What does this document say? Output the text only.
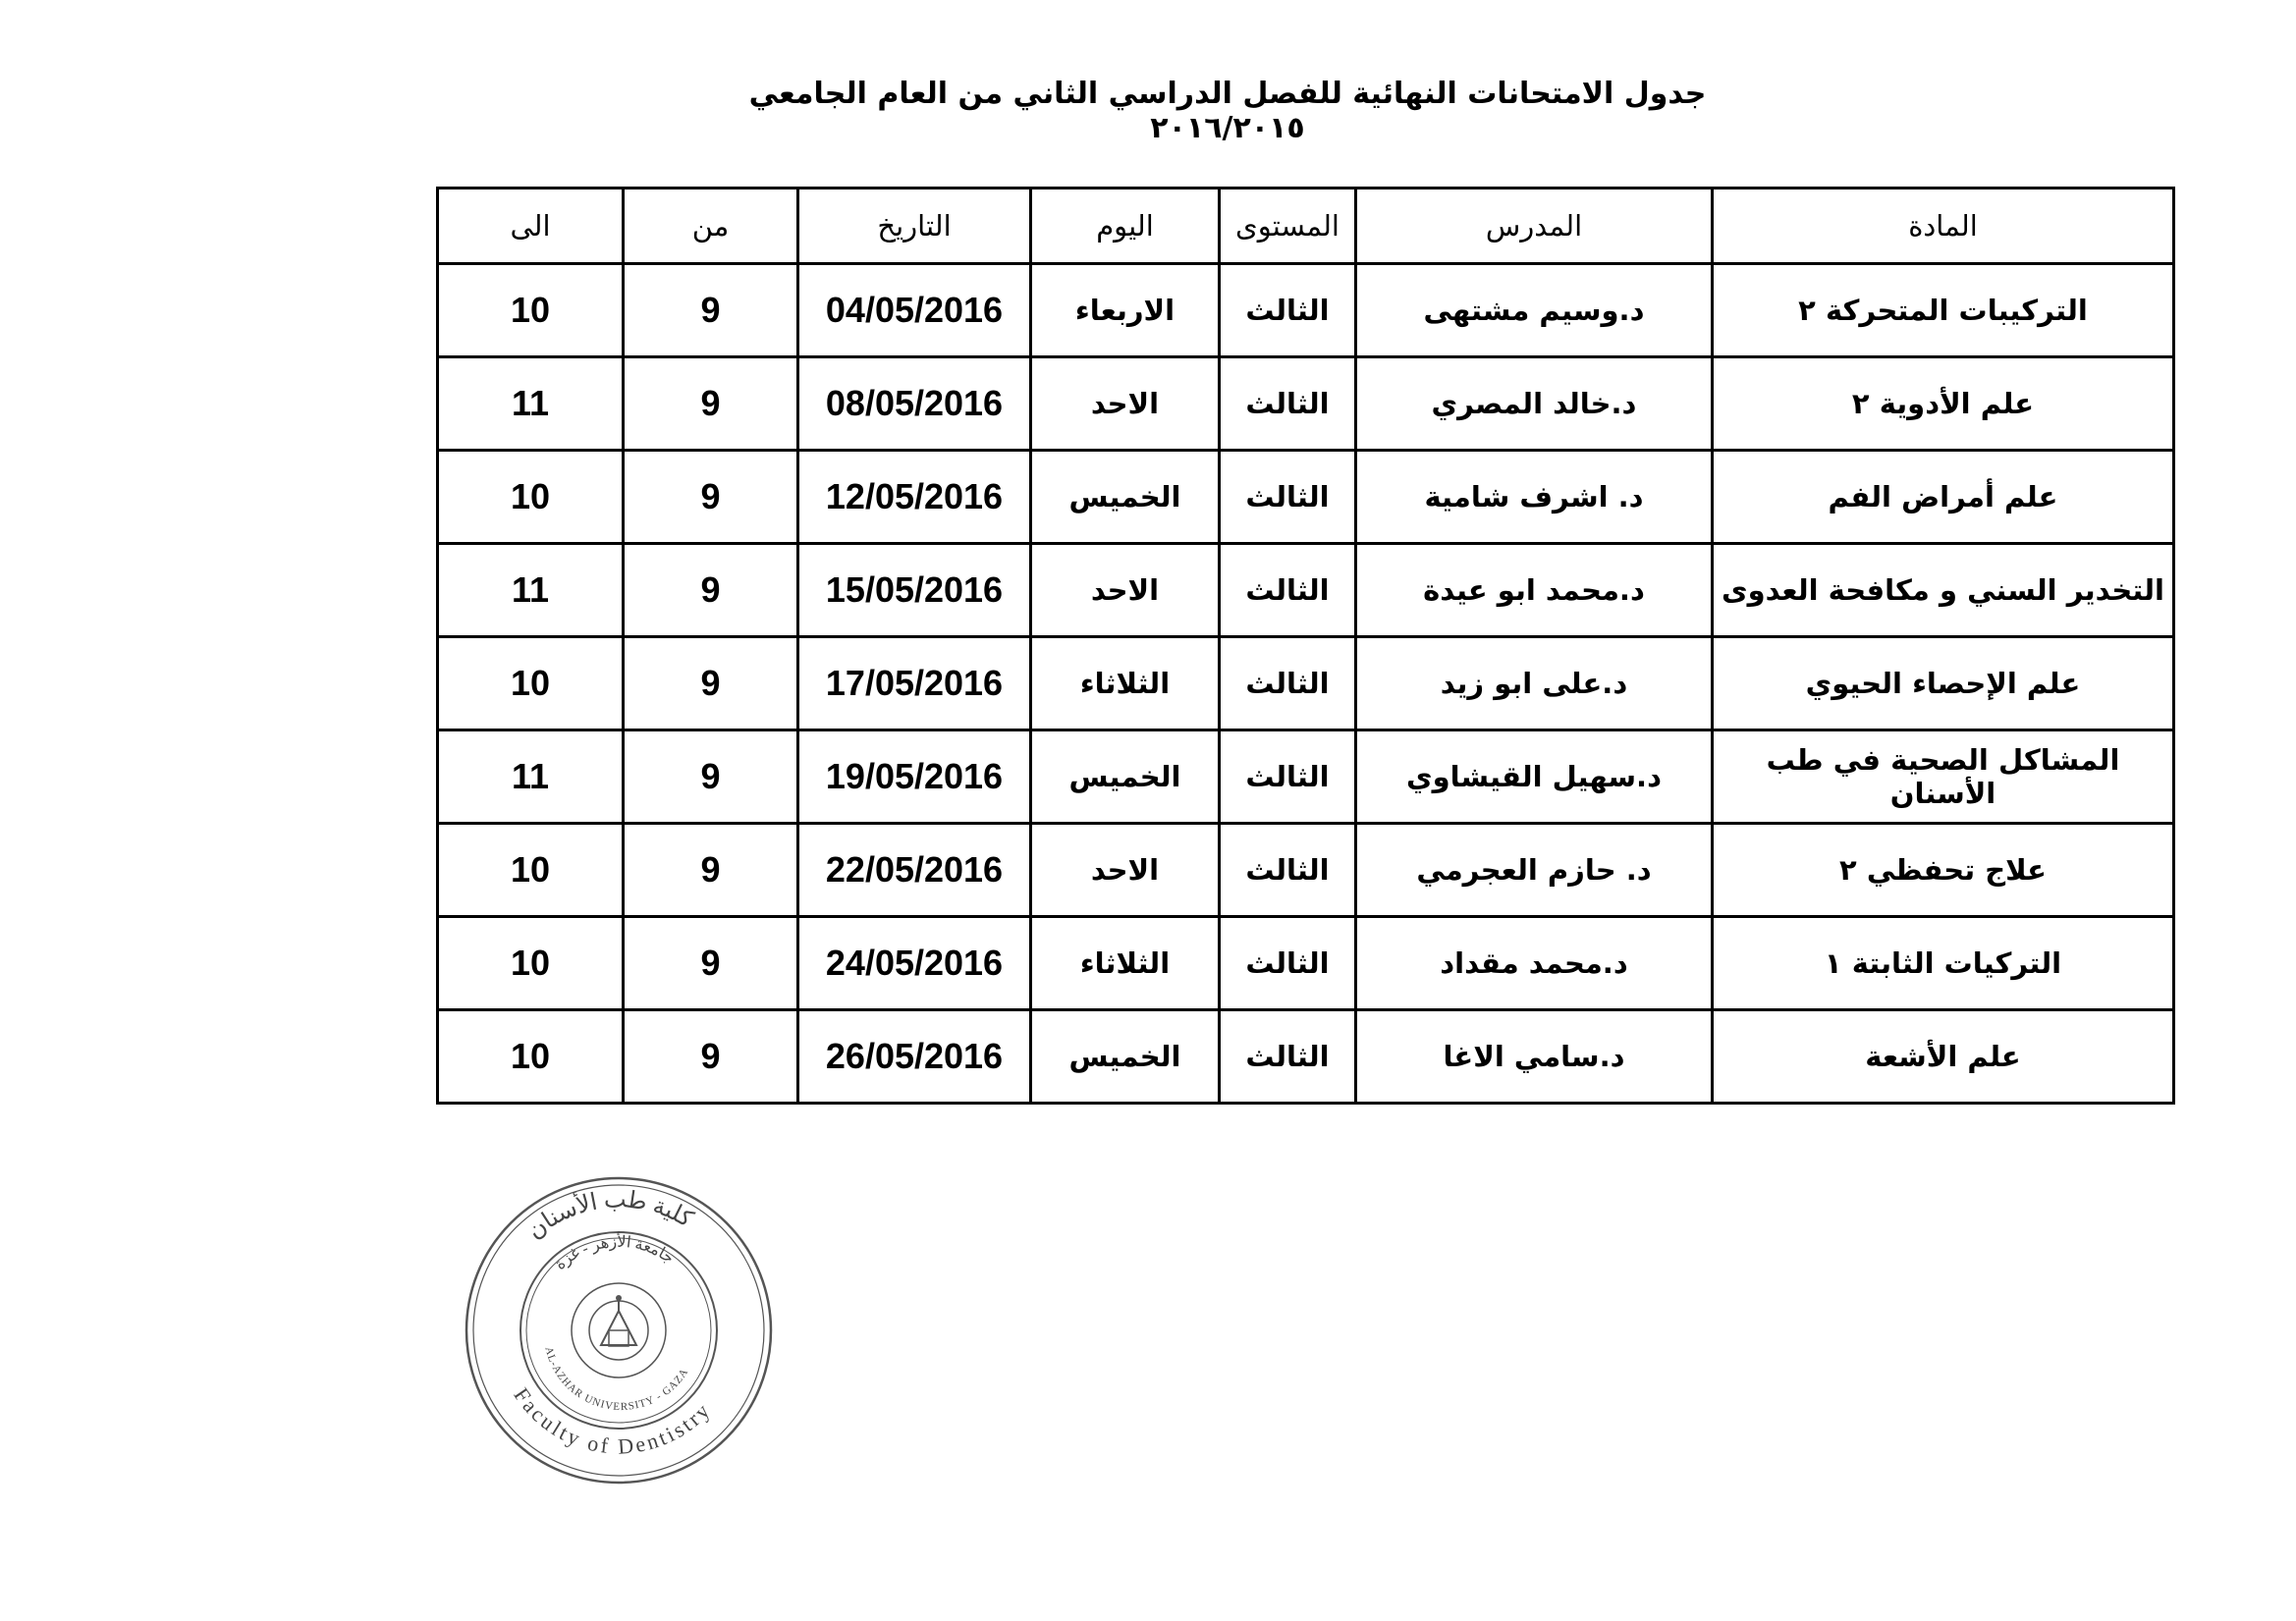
جدول الامتحانات النهائية للفصل الدراسي الثاني من العام الجامعي ٢٠١٦/٢٠١٥
المادة	المدرس	المستوى	اليوم	التاريخ	من	الى
التركيبات المتحركة ٢	د.وسيم مشتهى	الثالث	الاربعاء	04/05/2016	9	10
علم الأدوية ٢	د.خالد المصري	الثالث	الاحد	08/05/2016	9	11
علم أمراض الفم	د. اشرف شامية	الثالث	الخميس	12/05/2016	9	10
التخدير السني و مكافحة العدوى	د.محمد ابو عيدة	الثالث	الاحد	15/05/2016	9	11
علم الإحصاء الحيوي	د.على ابو زيد	الثالث	الثلاثاء	17/05/2016	9	10
المشاكل الصحية في طب الأسنان	د.سهيل القيشاوي	الثالث	الخميس	19/05/2016	9	11
علاج تحفظي ٢	د. حازم العجرمي	الثالث	الاحد	22/05/2016	9	10
التركيات الثابتة ١	د.محمد مقداد	الثالث	الثلاثاء	24/05/2016	9	10
علم الأشعة	د.سامي الاغا	الثالث	الخميس	26/05/2016	9	10
كلية طب الأسنان
Faculty of Dentistry
جامعة الأزهر - غزة
AL-AZHAR UNIVERSITY - GAZA
